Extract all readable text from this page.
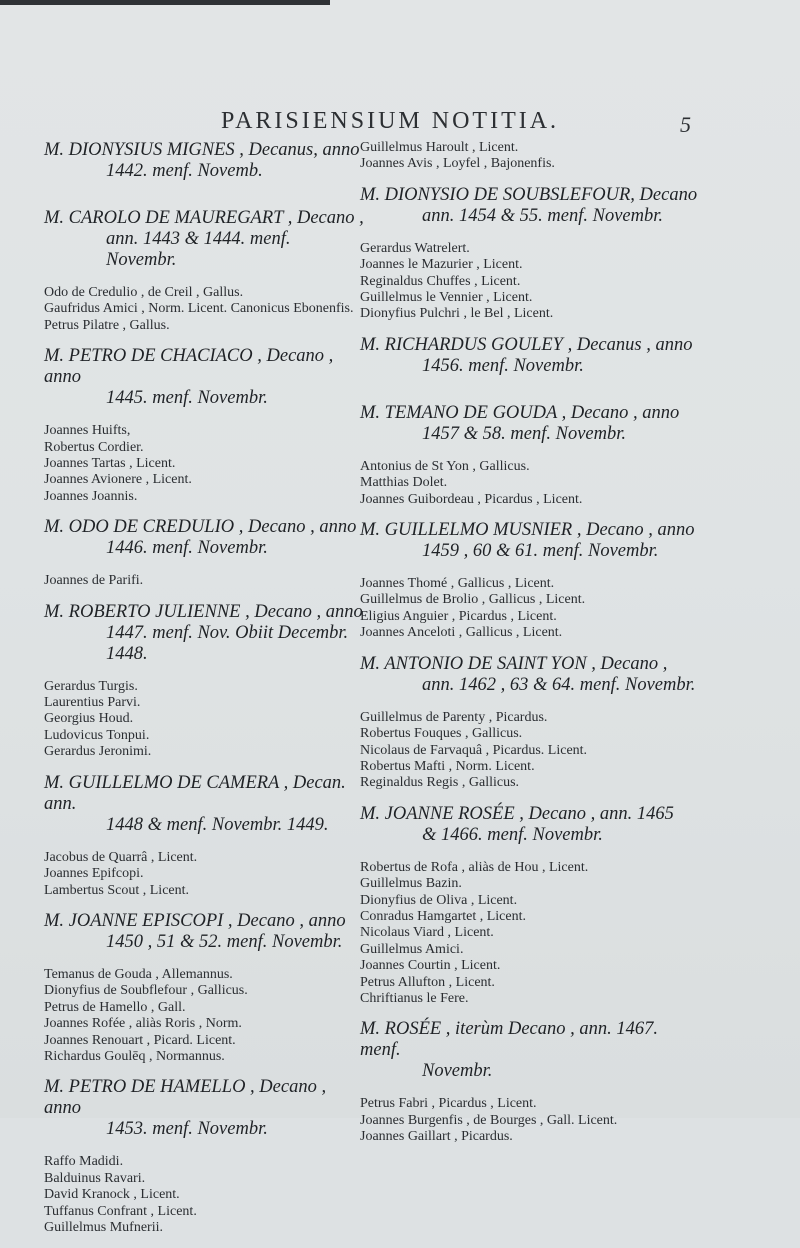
PARISIENSIUM NOTITIA.	5
M. DIONYSIUS MIGNES , Decanus, anno

1442. menf. Novemb.
M. CAROLO DE MAUREGART , Decano ,

ann. 1443 & 1444. menf. Novembr.
Odo de Credulio , de Creil , Gallus.
Gaufridus Amici , Norm. Licent. Canonicus Ebonenfis.
Petrus Pilatre , Gallus.
M. PETRO DE CHACIACO , Decano , anno

1445. menf. Novembr.
Joannes Huifts,
Robertus Cordier.
Joannes Tartas , Licent.
Joannes Avionere , Licent.
Joannes Joannis.
M. ODO DE CREDULIO , Decano , anno

1446. menf. Novembr.
Joannes de Parifi.
M. ROBERTO JULIENNE , Decano , anno

1447. menf. Nov. Obiit Decembr. 1448.
Gerardus Turgis.
Laurentius Parvi.
Georgius Houd.
Ludovicus Tonpui.
Gerardus Jeronimi.
M. GUILLELMO DE CAMERA , Decan. ann.

1448 & menf. Novembr. 1449.
Jacobus de Quarrâ , Licent.
Joannes Epifcopi.
Lambertus Scout , Licent.
M. JOANNE EPISCOPI , Decano , anno

1450 , 51 & 52. menf. Novembr.
Temanus de Gouda , Allemannus.
Dionyfius de Soubflefour , Gallicus.
Petrus de Hamello , Gall.
Joannes Rofée , aliàs Roris , Norm.
Joannes Renouart , Picard. Licent.
Richardus Goulēq , Normannus.
M. PETRO DE HAMELLO , Decano , anno

1453. menf. Novembr.
Raffo Madidi.
Balduinus Ravari.
David Kranock , Licent.
Tuffanus Confrant , Licent.
Guillelmus Mufnerii.
Guillelmus Haroult , Licent.
Joannes Avis , Loyfel , Bajonenfis.
M. DIONYSIO DE SOUBSLEFOUR, Decano

ann. 1454 & 55. menf. Novembr.
Gerardus Watrelert.
Joannes le Mazurier , Licent.
Reginaldus Chuffes , Licent.
Guillelmus le Vennier , Licent.
Dionyfius Pulchri , le Bel , Licent.
M. RICHARDUS GOULEY , Decanus , anno

1456. menf. Novembr.
M. TEMANO DE GOUDA , Decano , anno

1457 & 58. menf. Novembr.
Antonius de St Yon , Gallicus.
Matthias Dolet.
Joannes Guibordeau , Picardus , Licent.
M. GUILLELMO MUSNIER , Decano , anno

1459 , 60 & 61. menf. Novembr.
Joannes Thomé , Gallicus , Licent.
Guillelmus de Brolio , Gallicus , Licent.
Eligius Anguier , Picardus , Licent.
Joannes Anceloti , Gallicus , Licent.
M. ANTONIO DE SAINT YON , Decano ,

ann. 1462 , 63 & 64. menf. Novembr.
Guillelmus de Parenty , Picardus.
Robertus Fouques , Gallicus.
Nicolaus de Farvaquâ , Picardus. Licent.
Robertus Mafti , Norm. Licent.
Reginaldus Regis , Gallicus.
M. JOANNE ROSÉE , Decano , ann. 1465

& 1466. menf. Novembr.
Robertus de Rofa , aliàs de Hou , Licent.
Guillelmus Bazin.
Dionyfius de Oliva , Licent.
Conradus Hamgartet , Licent.
Nicolaus Viard , Licent.
Guillelmus Amici.
Joannes Courtin , Licent.
Petrus Allufton , Licent.
Chriftianus le Fere.
M. ROSÉE , iterùm Decano , ann. 1467. menf.

Novembr.
Petrus Fabri , Picardus , Licent.
Joannes Burgenfis , de Bourges , Gall. Licent.
Joannes Gaillart , Picardus.
